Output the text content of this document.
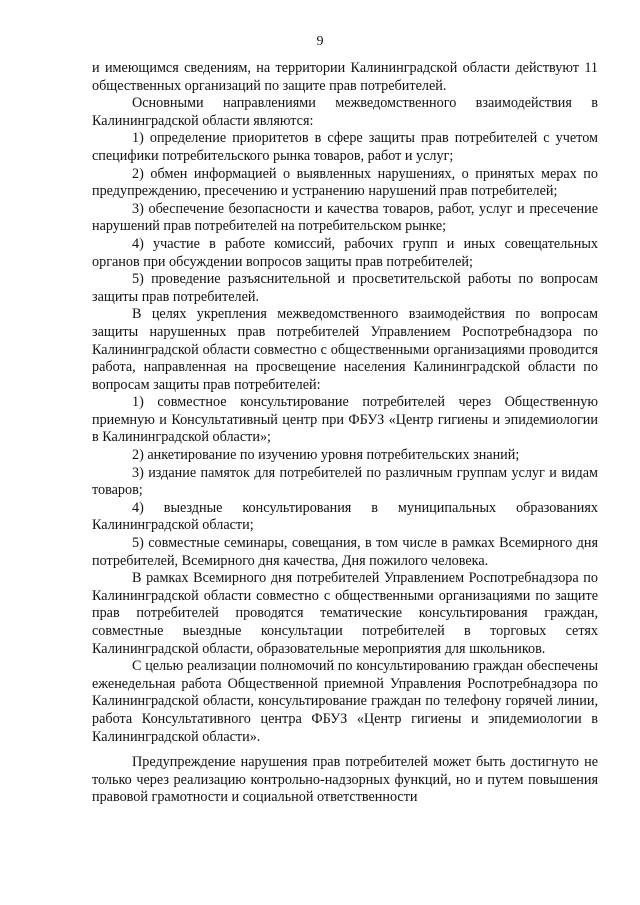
9

и имеющимся сведениям, на территории Калининградской области действуют 11 общественных организаций по защите прав потребителей.

Основными направлениями межведомственного взаимодействия в Калининградской области являются:

1) определение приоритетов в сфере защиты прав потребителей с учетом специфики потребительского рынка товаров, работ и услуг;

2) обмен информацией о выявленных нарушениях, о принятых мерах по предупреждению, пресечению и устранению нарушений прав потребителей;

3) обеспечение безопасности и качества товаров, работ, услуг и пресечение нарушений прав потребителей на потребительском рынке;

4) участие в работе комиссий, рабочих групп и иных совещательных органов при обсуждении вопросов защиты прав потребителей;

5) проведение разъяснительной и просветительской работы по вопросам защиты прав потребителей.

В целях укрепления межведомственного взаимодействия по вопросам защиты нарушенных прав потребителей Управлением Роспотребнадзора по Калининградской области совместно с общественными организациями проводится работа, направленная на просвещение населения Калининградской области по вопросам защиты прав потребителей:

1) совместное консультирование потребителей через Общественную приемную и Консультативный центр при ФБУЗ «Центр гигиены и эпидемиологии в Калининградской области»;

2) анкетирование по изучению уровня потребительских знаний;

3) издание памяток для потребителей по различным группам услуг и видам товаров;

4) выездные консультирования в муниципальных образованиях Калининградской области;

5) совместные семинары, совещания, в том числе в рамках Всемирного дня потребителей, Всемирного дня качества, Дня пожилого человека.

В рамках Всемирного дня потребителей Управлением Роспотребнадзора по Калининградской области совместно с общественными организациями по защите прав потребителей проводятся тематические консультирования граждан, совместные выездные консультации потребителей в торговых сетях Калининградской области, образовательные мероприятия для школьников.

С целью реализации полномочий по консультированию граждан обеспечены еженедельная работа Общественной приемной Управления Роспотребнадзора по Калининградской области, консультирование граждан по телефону горячей линии, работа Консультативного центра ФБУЗ «Центр гигиены и эпидемиологии в Калининградской области».

Предупреждение нарушения прав потребителей может быть достигнуто не только через реализацию контрольно-надзорных функций, но и путем повышения правовой грамотности и социальной ответственности
